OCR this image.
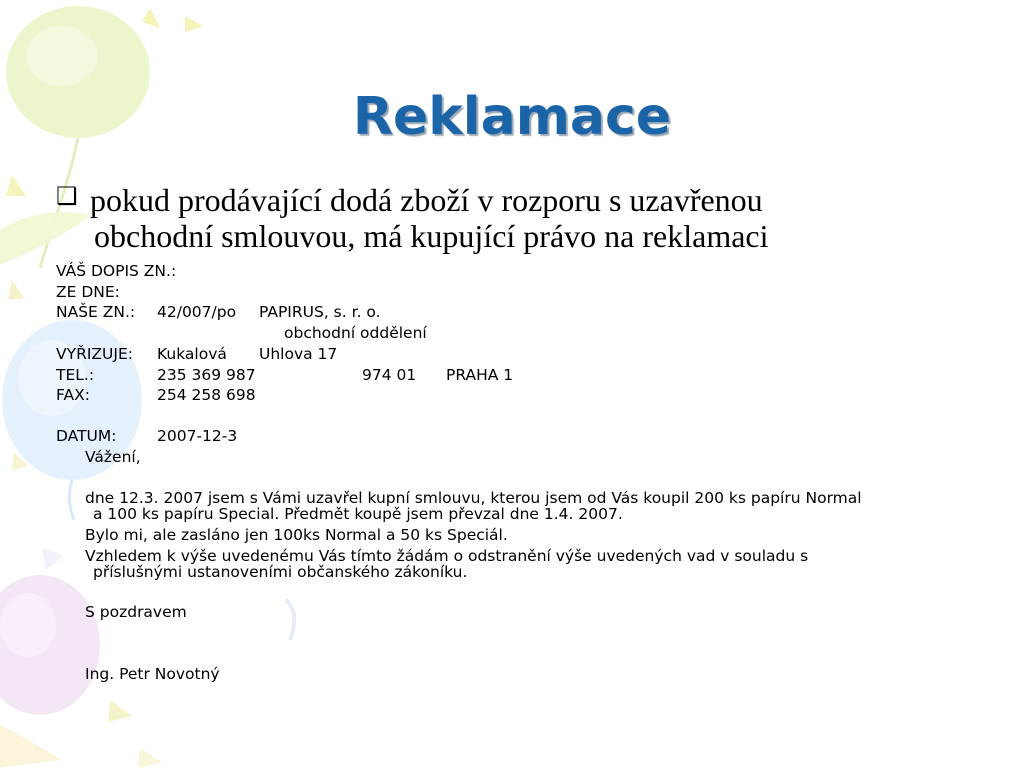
Reklamace
❑ pokud prodávající dodá zboží v rozporu s uzavřenou
obchodní smlouvou, má kupující právo na reklamaci
VÁŠ DOPIS ZN.:
ZE DNE:
NAŠE ZN.: 42/007/po PAPIRUS, s. r. o.
obchodní oddělení
VYŘIZUJE: Kukalová Uhlova 17
TEL.:	235 369 987	974 01 PRAHA 1
FAX:	254 258 698
DATUM:	2007-12-3
Vážení,
dne 12.3. 2007 jsem s Vámi uzavřel kupní smlouvu, kterou jsem od Vás koupil 200 ks papíru Normal
a 100 ks papíru Special. Předmět koupě jsem převzal dne 1.4. 2007.
Bylo mi, ale zasláno jen 100ks Normal a 50 ks Speciál.
Vzhledem k výše uvedenému Vás tímto žádám o odstranění výše uvedených vad v souladu s
příslušnými ustanoveními občanského zákoníku.
S pozdravem
Ing. Petr Novotný
